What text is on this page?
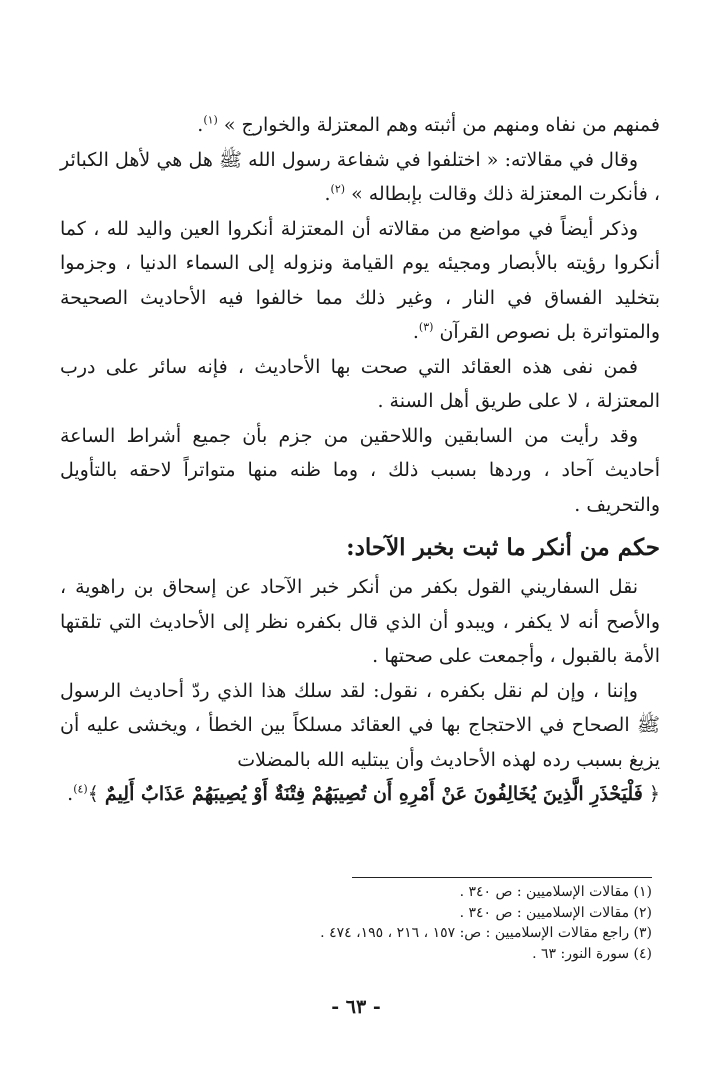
فمنهم من نفاه ومنهم من أثبته وهم المعتزلة والخوارج » $^{(١)}$.

وقال في مقالاته: « اختلفوا في شفاعة رسول الله ﷺ هل هي لأهل الكبائر ، فأنكرت المعتزلة ذلك وقالت بإبطاله » $^{(٢)}$.

وذكر أيضاً في مواضع من مقالاته أن المعتزلة أنكروا العين واليد لله ، كما أنكروا رؤيته بالأبصار ومجيئه يوم القيامة ونزوله إلى السماء الدنيا ، وجزموا بتخليد الفساق في النار ، وغير ذلك مما خالفوا فيه الأحاديث الصحيحة والمتواترة بل نصوص القرآن $^{(٣)}$.

فمن نفى هذه العقائد التي صحت بها الأحاديث ، فإنه سائر على درب المعتزلة ، لا على طريق أهل السنة .

وقد رأيت من السابقين واللاحقين من جزم بأن جميع أشراط الساعة أحاديث آحاد ، وردها بسبب ذلك ، وما ظنه منها متواتراً لاحقه بالتأويل والتحريف .

حكم من أنكر ما ثبت بخبر الآحاد:

نقل السفاريني القول بكفر من أنكر خبر الآحاد عن إسحاق بن راهوية ، والأصح أنه لا يكفر ، ويبدو أن الذي قال بكفره نظر إلى الأحاديث التي تلقتها الأمة بالقبول ، وأجمعت على صحتها .

وإننا ، وإن لم نقل بكفره ، نقول: لقد سلك هذا الذي ردّ أحاديث الرسول ﷺ الصحاح في الاحتجاج بها في العقائد مسلكاً بين الخطأ ، ويخشى عليه أن يزيغ بسبب رده لهذه الأحاديث وأن يبتليه الله بالمضلات

﴿ فَلْيَحْذَرِ الَّذِينَ يُخَالِفُونَ عَنْ أَمْرِهِ أَن تُصِيبَهُمْ فِتْنَةٌ أَوْ يُصِيبَهُمْ عَذَابٌ أَلِيمٌ ﴾$^{(٤)}$.

(١) مقالات الإسلاميين : ص ٣٤٠ .

(٢) مقالات الإسلاميين : ص ٣٤٠ .

(٣) راجع مقالات الإسلاميين : ص: ١٥٧ ، ٢١٦ ، ١٩٥، ٤٧٤ .

(٤) سورة النور: ٦٣ .

- ٦٣ -
